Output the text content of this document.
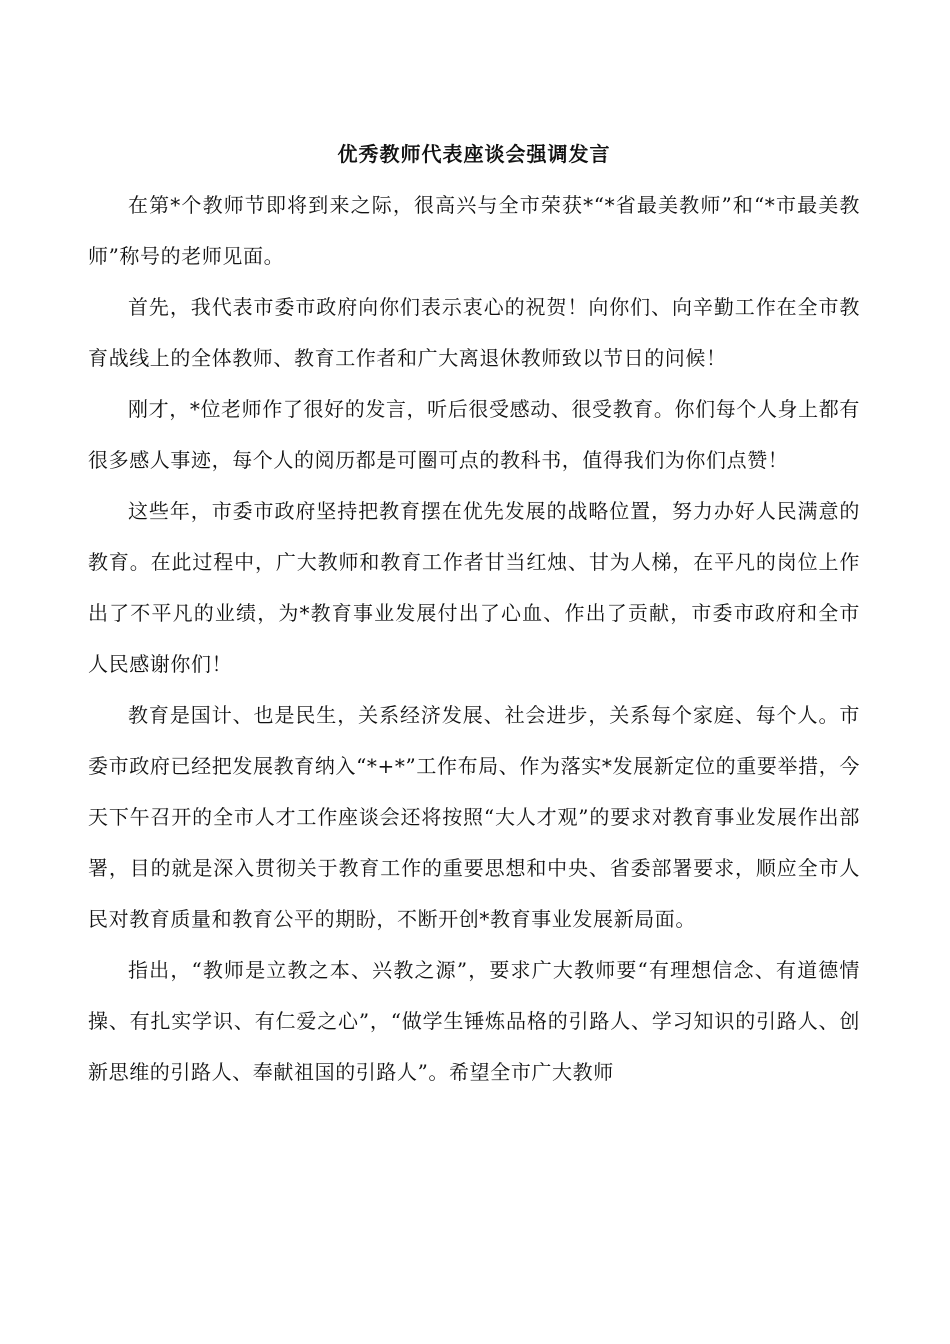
优秀教师代表座谈会强调发言

在第*个教师节即将到来之际，很高兴与全市荣获*“*省最美教师”和“*市最美教师”称号的老师见面。

首先，我代表市委市政府向你们表示衷心的祝贺！向你们、向辛勤工作在全市教育战线上的全体教师、教育工作者和广大离退休教师致以节日的问候！

刚才，*位老师作了很好的发言，听后很受感动、很受教育。你们每个人身上都有很多感人事迹，每个人的阅历都是可圈可点的教科书，值得我们为你们点赞！

这些年，市委市政府坚持把教育摆在优先发展的战略位置，努力办好人民满意的教育。在此过程中，广大教师和教育工作者甘当红烛、甘为人梯，在平凡的岗位上作出了不平凡的业绩，为*教育事业发展付出了心血、作出了贡献，市委市政府和全市人民感谢你们！

教育是国计、也是民生，关系经济发展、社会进步，关系每个家庭、每个人。市委市政府已经把发展教育纳入“*+*”工作布局、作为落实*发展新定位的重要举措，今天下午召开的全市人才工作座谈会还将按照“大人才观”的要求对教育事业发展作出部署，目的就是深入贯彻关于教育工作的重要思想和中央、省委部署要求，顺应全市人民对教育质量和教育公平的期盼，不断开创*教育事业发展新局面。

指出，“教师是立教之本、兴教之源”，要求广大教师要“有理想信念、有道德情操、有扎实学识、有仁爱之心”，“做学生锤炼品格的引路人、学习知识的引路人、创新思维的引路人、奉献祖国的引路人”。希望全市广大教师
